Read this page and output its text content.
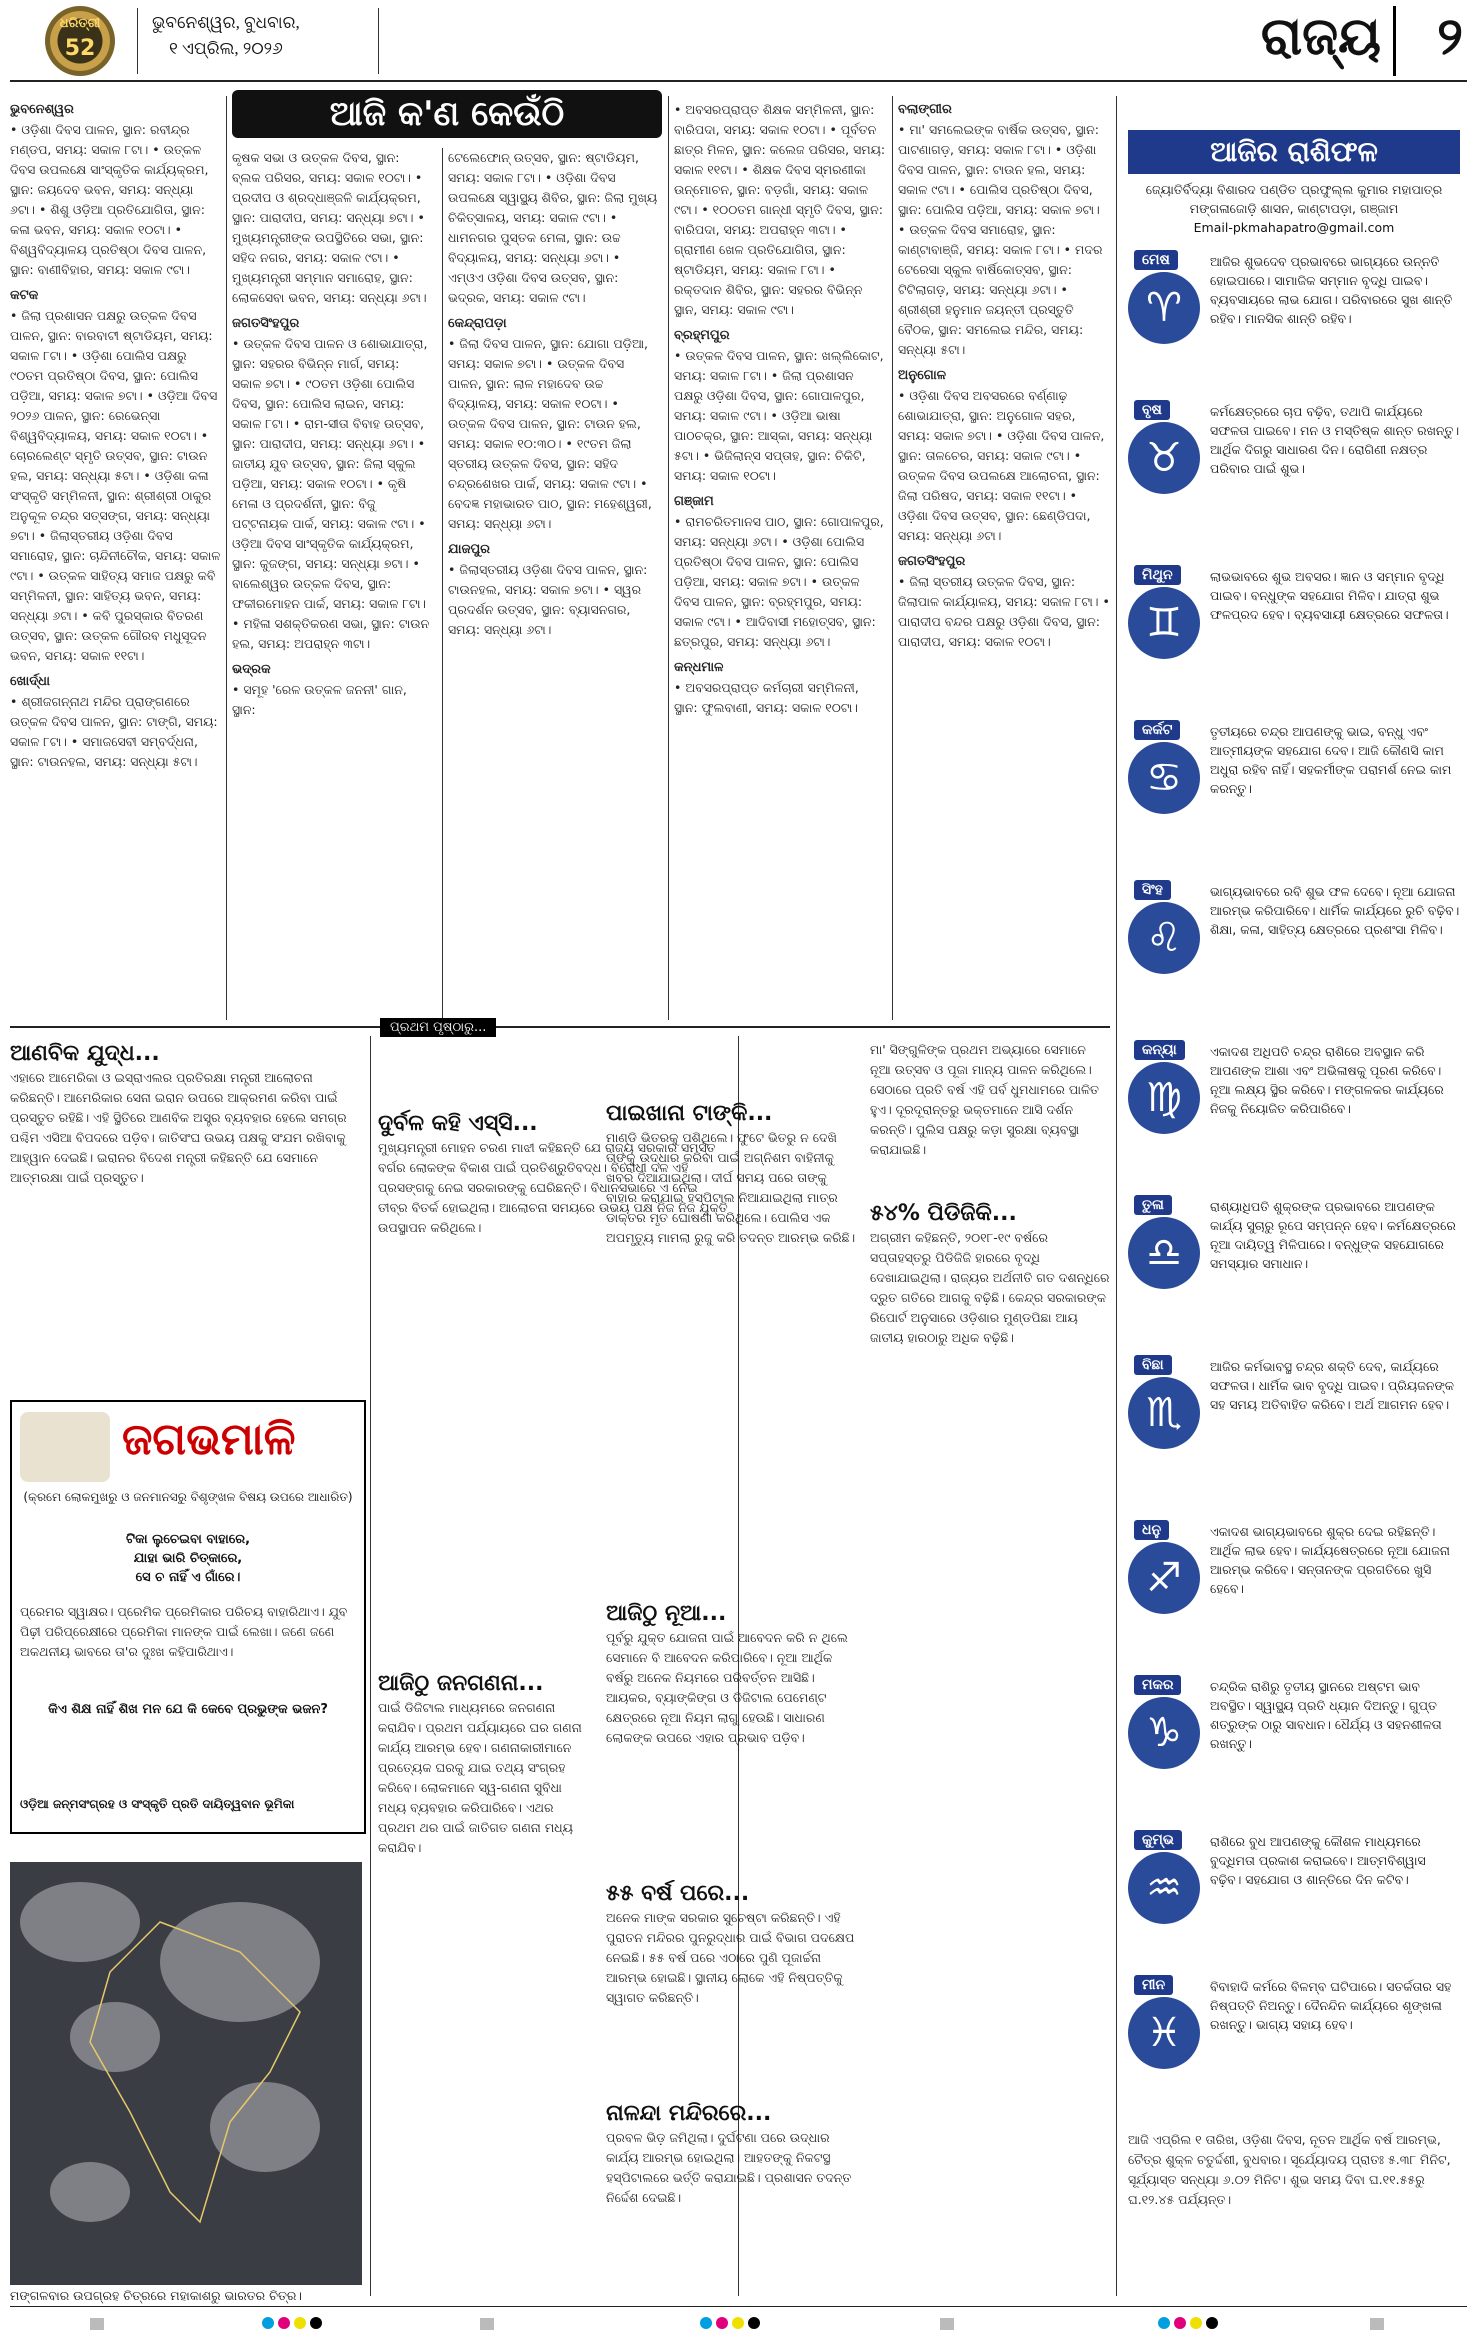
ଧରିତ୍ରୀ
52
ଭୁବନେଶ୍ୱର, ବୁଧବାର,
୧ ଏପ୍ରିଲ, ୨୦୨୬	ରାଜ୍ୟ ୨
ଆଜି କ'ଣ କେଉଁଠି
ଭୁବନେଶ୍ୱର

• ଓଡ଼ିଶା ଦିବସ ପାଳନ, ସ୍ଥାନ: ରବୀନ୍ଦ୍ର ମଣ୍ଡପ, ସମୟ: ସକାଳ ୮ଟା। • ଉତ୍କଳ ଦିବସ ଉପଲକ୍ଷେ ସାଂସ୍କୃତିକ କାର୍ଯ୍ୟକ୍ରମ, ସ୍ଥାନ: ଜୟଦେବ ଭବନ, ସମୟ: ସନ୍ଧ୍ୟା ୬ଟା। • ଶିଶୁ ଓଡ଼ିଆ ପ୍ରତିଯୋଗିତା, ସ୍ଥାନ: କଳା ଭବନ, ସମୟ: ସକାଳ ୧୦ଟା। • ବିଶ୍ୱବିଦ୍ୟାଳୟ ପ୍ରତିଷ୍ଠା ଦିବସ ପାଳନ, ସ୍ଥାନ: ବାଣୀବିହାର, ସମୟ: ସକାଳ ୯ଟା।

କଟକ

• ଜିଲା ପ୍ରଶାସନ ପକ୍ଷରୁ ଉତ୍କଳ ଦିବସ ପାଳନ, ସ୍ଥାନ: ବାରବାଟୀ ଷ୍ଟାଡିୟମ, ସମୟ: ସକାଳ ୮ଟା। • ଓଡ଼ିଶା ପୋଲିସ ପକ୍ଷରୁ ୯୦ତମ ପ୍ରତିଷ୍ଠା ଦିବସ, ସ୍ଥାନ: ପୋଲିସ ପଡ଼ିଆ, ସମୟ: ସକାଳ ୭ଟା। • ଓଡ଼ିଆ ଦିବସ ୨୦୨୬ ପାଳନ, ସ୍ଥାନ: ରେଭେନ୍ସା ବିଶ୍ୱବିଦ୍ୟାଳୟ, ସମୟ: ସକାଳ ୧୦ଟା। • ଚୋରଲେଣ୍ଟ ସ୍ମୃତି ଉତ୍ସବ, ସ୍ଥାନ: ଟାଉନ ହଲ, ସମୟ: ସନ୍ଧ୍ୟା ୫ଟା। • ଓଡ଼ିଶା କଳା ସଂସ୍କୃତି ସମ୍ମିଳନୀ, ସ୍ଥାନ: ଶ୍ରୀଶ୍ରୀ ଠାକୁର ଅନୁକୂଳ ଚନ୍ଦ୍ର ସତ୍ସଙ୍ଗ, ସମୟ: ସନ୍ଧ୍ୟା ୭ଟା। • ଜିଲାସ୍ତରୀୟ ଓଡ଼ିଶା ଦିବସ ସମାରୋହ, ସ୍ଥାନ: ଚାନ୍ଦିନୀଚୌକ, ସମୟ: ସକାଳ ୯ଟା। • ଉତ୍କଳ ସାହିତ୍ୟ ସମାଜ ପକ୍ଷରୁ କବି ସମ୍ମିଳନୀ, ସ୍ଥାନ: ସାହିତ୍ୟ ଭବନ, ସମୟ: ସନ୍ଧ୍ୟା ୬ଟା। • କବି ପୁରସ୍କାର ବିତରଣ ଉତ୍ସବ, ସ୍ଥାନ: ଉତ୍କଳ ଗୌରବ ମଧୁସୂଦନ ଭବନ, ସମୟ: ସକାଳ ୧୧ଟା।

ଖୋର୍ଦ୍ଧା

• ଶ୍ରୀଜଗନ୍ନାଥ ମନ୍ଦିର ପ୍ରାଙ୍ଗଣରେ ଉତ୍କଳ ଦିବସ ପାଳନ, ସ୍ଥାନ: ଟାଙ୍ଗି, ସମୟ: ସକାଳ ୮ଟା। • ସମାଜସେବୀ ସମ୍ବର୍ଦ୍ଧନା, ସ୍ଥାନ: ଟାଉନହଲ, ସମୟ: ସନ୍ଧ୍ୟା ୫ଟା।

କୃଷକ ସଭା ଓ ଉତ୍କଳ ଦିବସ, ସ୍ଥାନ: ବ୍ଲକ ପରିସର, ସମୟ: ସକାଳ ୧୦ଟା। • ପ୍ରଦୀପ ଓ ଶ୍ରଦ୍ଧାଞ୍ଜଳି କାର୍ଯ୍ୟକ୍ରମ, ସ୍ଥାନ: ପାରାଦୀପ, ସମୟ: ସନ୍ଧ୍ୟା ୭ଟା। • ମୁଖ୍ୟମନ୍ତ୍ରୀଙ୍କ ଉପସ୍ଥିତିରେ ସଭା, ସ୍ଥାନ: ସହିଦ ନଗର, ସମୟ: ସକାଳ ୯ଟା। • ମୁଖ୍ୟମନ୍ତ୍ରୀ ସମ୍ମାନ ସମାରୋହ, ସ୍ଥାନ: ଲୋକସେବା ଭବନ, ସମୟ: ସନ୍ଧ୍ୟା ୬ଟା।

ଜଗତସିଂହପୁର

• ଉତ୍କଳ ଦିବସ ପାଳନ ଓ ଶୋଭାଯାତ୍ରା, ସ୍ଥାନ: ସହରର ବିଭିନ୍ନ ମାର୍ଗ, ସମୟ: ସକାଳ ୭ଟା। • ୯୦ତମ ଓଡ଼ିଶା ପୋଲିସ ଦିବସ, ସ୍ଥାନ: ପୋଲିସ ଲାଇନ, ସମୟ: ସକାଳ ୮ଟା। • ରାମ-ସୀତା ବିବାହ ଉତ୍ସବ, ସ୍ଥାନ: ପାରାଦୀପ, ସମୟ: ସନ୍ଧ୍ୟା ୬ଟା। • ଜାତୀୟ ଯୁବ ଉତ୍ସବ, ସ୍ଥାନ: ଜିଲା ସ୍କୁଲ ପଡ଼ିଆ, ସମୟ: ସକାଳ ୧୦ଟା। • କୃଷି ମେଳା ଓ ପ୍ରଦର୍ଶନୀ, ସ୍ଥାନ: ବିଜୁ ପଟ୍ଟନାୟକ ପାର୍କ, ସମୟ: ସକାଳ ୯ଟା। • ଓଡ଼ିଆ ଦିବସ ସାଂସ୍କୃତିକ କାର୍ଯ୍ୟକ୍ରମ, ସ୍ଥାନ: କୁଜଙ୍ଗ, ସମୟ: ସନ୍ଧ୍ୟା ୭ଟା। • ବାଲେଶ୍ୱର ଉତ୍କଳ ଦିବସ, ସ୍ଥାନ: ଫକୀରମୋହନ ପାର୍କ, ସମୟ: ସକାଳ ୮ଟା। • ମହିଳା ସଶକ୍ତିକରଣ ସଭା, ସ୍ଥାନ: ଟାଉନ ହଲ, ସମୟ: ଅପରାହ୍ନ ୩ଟା।

ଭଦ୍ରକ

• ସମୂହ 'ରେଳ ଉତ୍କଳ ଜନନୀ' ଗାନ, ସ୍ଥାନ:

ଟେଲେଫୋନ୍ ଉତ୍ସବ, ସ୍ଥାନ: ଷ୍ଟାଡିୟମ, ସମୟ: ସକାଳ ୮ଟା। • ଓଡ଼ିଶା ଦିବସ ଉପଲକ୍ଷେ ସ୍ୱାସ୍ଥ୍ୟ ଶିବିର, ସ୍ଥାନ: ଜିଲା ମୁଖ୍ୟ ଚିକିତ୍ସାଳୟ, ସମୟ: ସକାଳ ୯ଟା। • ଧାମନଗର ପୁସ୍ତକ ମେଳା, ସ୍ଥାନ: ଉଚ୍ଚ ବିଦ୍ୟାଳୟ, ସମୟ: ସନ୍ଧ୍ୟା ୬ଟା। • ଏମ୍‌ଓଏ ଓଡ଼ିଶା ଦିବସ ଉତ୍ସବ, ସ୍ଥାନ: ଭଦ୍ରକ, ସମୟ: ସକାଳ ୯ଟା।

କେନ୍ଦ୍ରାପଡ଼ା

• ଜିଲା ଦିବସ ପାଳନ, ସ୍ଥାନ: ଯୋଗା ପଡ଼ିଆ, ସମୟ: ସକାଳ ୭ଟା। • ଉତ୍କଳ ଦିବସ ପାଳନ, ସ୍ଥାନ: ଲାଳ ମହାଦେବ ଉଚ୍ଚ ବିଦ୍ୟାଳୟ, ସମୟ: ସକାଳ ୧୦ଟା। • ଉତ୍କଳ ଦିବସ ପାଳନ, ସ୍ଥାନ: ଟାଉନ ହଲ, ସମୟ: ସକାଳ ୧୦:୩୦। • ୧୯ତମ ଜିଲା ସ୍ତରୀୟ ଉତ୍କଳ ଦିବସ, ସ୍ଥାନ: ସହିଦ ଚନ୍ଦ୍ରଶେଖର ପାର୍କ, ସମୟ: ସକାଳ ୯ଟା। • ବେଦଜ୍ଞ ମହାଭାରତ ପାଠ, ସ୍ଥାନ: ମହେଶ୍ୱରୀ, ସମୟ: ସନ୍ଧ୍ୟା ୬ଟା।

ଯାଜପୁର

• ଜିଲାସ୍ତରୀୟ ଓଡ଼ିଶା ଦିବସ ପାଳନ, ସ୍ଥାନ: ଟାଉନହଲ, ସମୟ: ସକାଳ ୭ଟା। • ସ୍ୱର ପ୍ରଦର୍ଶନ ଉତ୍ସବ, ସ୍ଥାନ: ବ୍ୟାସନଗର, ସମୟ: ସନ୍ଧ୍ୟା ୬ଟା।

• ଅବସରପ୍ରାପ୍ତ ଶିକ୍ଷକ ସମ୍ମିଳନୀ, ସ୍ଥାନ: ବାରିପଦା, ସମୟ: ସକାଳ ୧୦ଟା। • ପୂର୍ବତନ ଛାତ୍ର ମିଳନ, ସ୍ଥାନ: କଲେଜ ପରିସର, ସମୟ: ସକାଳ ୧୧ଟା। • ଶିକ୍ଷକ ଦିବସ ସ୍ମରଣୀକା ଉନ୍ମୋଚନ, ସ୍ଥାନ: ବଡ଼ଗାଁ, ସମୟ: ସକାଳ ୯ଟା। • ୧୦୦ତମ ଗାନ୍ଧୀ ସ୍ମୃତି ଦିବସ, ସ୍ଥାନ: ବାରିପଦା, ସମୟ: ଅପରାହ୍ନ ୩ଟା। • ଗ୍ରାମୀଣ ଖେଳ ପ୍ରତିଯୋଗିତା, ସ୍ଥାନ: ଷ୍ଟାଡିୟମ, ସମୟ: ସକାଳ ୮ଟା। • ରକ୍ତଦାନ ଶିବିର, ସ୍ଥାନ: ସହରର ବିଭିନ୍ନ ସ୍ଥାନ, ସମୟ: ସକାଳ ୯ଟା।

ବ୍ରହ୍ମପୁର

• ଉତ୍କଳ ଦିବସ ପାଳନ, ସ୍ଥାନ: ଖଲ୍ଲିକୋଟ, ସମୟ: ସକାଳ ୮ଟା। • ଜିଲା ପ୍ରଶାସନ ପକ୍ଷରୁ ଓଡ଼ିଶା ଦିବସ, ସ୍ଥାନ: ଗୋପାଳପୁର, ସମୟ: ସକାଳ ୯ଟା। • ଓଡ଼ିଆ ଭାଷା ପାଠଚକ୍ର, ସ୍ଥାନ: ଆସ୍କା, ସମୟ: ସନ୍ଧ୍ୟା ୫ଟା। • ଭିଜିଲାନ୍ସ ସପ୍ତାହ, ସ୍ଥାନ: ଚିକିଟି, ସମୟ: ସକାଳ ୧୦ଟା।

ଗଞ୍ଜାମ

• ରାମଚରିତମାନସ ପାଠ, ସ୍ଥାନ: ଗୋପାଳପୁର, ସମୟ: ସନ୍ଧ୍ୟା ୬ଟା। • ଓଡ଼ିଶା ପୋଲିସ ପ୍ରତିଷ୍ଠା ଦିବସ ପାଳନ, ସ୍ଥାନ: ପୋଲିସ ପଡ଼ିଆ, ସମୟ: ସକାଳ ୭ଟା। • ଉତ୍କଳ ଦିବସ ପାଳନ, ସ୍ଥାନ: ବ୍ରହ୍ମପୁର, ସମୟ: ସକାଳ ୯ଟା। • ଆଦିବାସୀ ମହୋତ୍ସବ, ସ୍ଥାନ: ଛତ୍ରପୁର, ସମୟ: ସନ୍ଧ୍ୟା ୬ଟା।

କନ୍ଧମାଳ

• ଅବସରପ୍ରାପ୍ତ କର୍ମଚାରୀ ସମ୍ମିଳନୀ, ସ୍ଥାନ: ଫୁଲବାଣୀ, ସମୟ: ସକାଳ ୧୦ଟା।

ବଲାଙ୍ଗୀର

• ମା' ସମଲେଇଙ୍କ ବାର୍ଷିକ ଉତ୍ସବ, ସ୍ଥାନ: ପାଟଣାଗଡ଼, ସମୟ: ସକାଳ ୮ଟା। • ଓଡ଼ିଶା ଦିବସ ପାଳନ, ସ୍ଥାନ: ଟାଉନ ହଲ, ସମୟ: ସକାଳ ୯ଟା। • ପୋଲିସ ପ୍ରତିଷ୍ଠା ଦିବସ, ସ୍ଥାନ: ପୋଲିସ ପଡ଼ିଆ, ସମୟ: ସକାଳ ୭ଟା। • ଉତ୍କଳ ଦିବସ ସମାରୋହ, ସ୍ଥାନ: କାଣ୍ଟାବାଞ୍ଜି, ସମୟ: ସକାଳ ୮ଟା। • ମଦର ଟେରେସା ସ୍କୁଲ ବାର୍ଷିକୋତ୍ସବ, ସ୍ଥାନ: ଟିଟିଲାଗଡ଼, ସମୟ: ସନ୍ଧ୍ୟା ୬ଟା। • ଶ୍ରୀଶ୍ରୀ ହନୁମାନ ଜୟନ୍ତୀ ପ୍ରସ୍ତୁତି ବୈଠକ, ସ୍ଥାନ: ସମଲେଇ ମନ୍ଦିର, ସମୟ: ସନ୍ଧ୍ୟା ୫ଟା।

ଅନୁଗୋଳ

• ଓଡ଼ିଶା ଦିବସ ଅବସରରେ ବର୍ଣ୍ଣାଢ଼ ଶୋଭାଯାତ୍ରା, ସ୍ଥାନ: ଅନୁଗୋଳ ସହର, ସମୟ: ସକାଳ ୭ଟା। • ଓଡ଼ିଶା ଦିବସ ପାଳନ, ସ୍ଥାନ: ତାଳଚେର, ସମୟ: ସକାଳ ୯ଟା। • ଉତ୍କଳ ଦିବସ ଉପଲକ୍ଷେ ଆଲୋଚନା, ସ୍ଥାନ: ଜିଲା ପରିଷଦ, ସମୟ: ସକାଳ ୧୧ଟା। • ଓଡ଼ିଶା ଦିବସ ଉତ୍ସବ, ସ୍ଥାନ: ଛେଣ୍ଡିପଦା, ସମୟ: ସନ୍ଧ୍ୟା ୬ଟା।

ଜଗତସିଂହପୁର

• ଜିଲା ସ୍ତରୀୟ ଉତ୍କଳ ଦିବସ, ସ୍ଥାନ: ଜିଲାପାଳ କାର୍ଯ୍ୟାଳୟ, ସମୟ: ସକାଳ ୮ଟା। • ପାରାଦୀପ ବନ୍ଦର ପକ୍ଷରୁ ଓଡ଼ିଶା ଦିବସ, ସ୍ଥାନ: ପାରାଦୀପ, ସମୟ: ସକାଳ ୧୦ଟା।

ପ୍ରଥମ ପୃଷ୍ଠାରୁ...
ଆଣବିକ ଯୁଦ୍ଧ...
ଏହାରେ ଆମେରିକା ଓ ଇସ୍ରାଏଲର ପ୍ରତିରକ୍ଷା ମନ୍ତ୍ରୀ ଆଲୋଚନା କରିଛନ୍ତି। ଆମେରିକାର ସେନା ଇରାନ ଉପରେ ଆକ୍ରମଣ କରିବା ପାଇଁ ପ୍ରସ୍ତୁତ ରହିଛି। ଏହି ସ୍ଥିତିରେ ଆଣବିକ ଅସ୍ତ୍ର ବ୍ୟବହାର ହେଲେ ସମଗ୍ର ପଶ୍ଚିମ ଏସିଆ ବିପଦରେ ପଡ଼ିବ। ଜାତିସଂଘ ଉଭୟ ପକ୍ଷକୁ ସଂଯମ ରଖିବାକୁ ଆହ୍ୱାନ ଦେଇଛି। ଇରାନର ବିଦେଶ ମନ୍ତ୍ରୀ କହିଛନ୍ତି ଯେ ସେମାନେ ଆତ୍ମରକ୍ଷା ପାଇଁ ପ୍ରସ୍ତୁତ।
ଦୁର୍ବଳ କହି ଏସ୍‌ସି...
ମୁଖ୍ୟମନ୍ତ୍ରୀ ମୋହନ ଚରଣ ମାଝୀ କହିଛନ୍ତି ଯେ ରାଜ୍ୟ ସରକାର ସମସ୍ତ ବର୍ଗର ଲୋକଙ୍କ ବିକାଶ ପାଇଁ ପ୍ରତିଶ୍ରୁତିବଦ୍ଧ। ବିରୋଧୀ ଦଳ ଏହି ପ୍ରସଙ୍ଗକୁ ନେଇ ସରକାରଙ୍କୁ ଘେରିଛନ୍ତି। ବିଧାନସଭାରେ ଏ ନେଇ ତୀବ୍ର ବିତର୍କ ହୋଇଥିଲା। ଆଲୋଚନା ସମୟରେ ଉଭୟ ପକ୍ଷ ନିଜ ନିଜ ଯୁକ୍ତି ଉପସ୍ଥାପନ କରିଥିଲେ।
ଆଜିଠୁ ଜନଗଣନା...
ପାଇଁ ଡିଜିଟାଲ ମାଧ୍ୟମରେ ଜନଗଣନା କରାଯିବ। ପ୍ରଥମ ପର୍ଯ୍ୟାୟରେ ଘର ଗଣନା କାର୍ଯ୍ୟ ଆରମ୍ଭ ହେବ। ଗଣନାକାରୀମାନେ ପ୍ରତ୍ୟେକ ଘରକୁ ଯାଇ ତଥ୍ୟ ସଂଗ୍ରହ କରିବେ। ଲୋକମାନେ ସ୍ୱ-ଗଣନା ସୁବିଧା ମଧ୍ୟ ବ୍ୟବହାର କରିପାରିବେ। ଏଥର ପ୍ରଥମ ଥର ପାଇଁ ଜାତିଗତ ଗଣନା ମଧ୍ୟ କରାଯିବ।
ପାଇଖାନା ଟାଙ୍କି...
ମାଣ୍ଡି ଭିତରକୁ ପଶିଥିଲେ। ଫୁଟେ ଭିତରୁ ନ ଦେଖି ତାଙ୍କୁ ଉଦ୍ଧାର କରିବା ପାଇଁ ଅଗ୍ନିଶମ ବାହିନୀକୁ ଖବର ଦିଆଯାଇଥିଲା। ଦୀର୍ଘ ସମୟ ପରେ ତାଙ୍କୁ ବାହାର କରାଯାଇ ହସ୍ପିଟାଲ ନିଆଯାଇଥିଲା ମାତ୍ର ଡାକ୍ତର ମୃତ ଘୋଷଣା କରିଥିଲେ। ପୋଲିସ ଏକ ଅପମୃତ୍ୟୁ ମାମଲା ରୁଜୁ କରି ତଦନ୍ତ ଆରମ୍ଭ କରିଛି।
ଆଜିଠୁ ନୂଆ...
ପୂର୍ବରୁ ଯୁକ୍ତ ଯୋଜନା ପାଇଁ ଆବେଦନ କରି ନ ଥିଲେ ସେମାନେ ବି ଆବେଦନ କରିପାରିବେ। ନୂଆ ଆର୍ଥିକ ବର୍ଷରୁ ଅନେକ ନିୟମରେ ପରିବର୍ତ୍ତନ ଆସିଛି। ଆୟକର, ବ୍ୟାଙ୍କିଙ୍ଗ ଓ ଡିଜିଟାଲ ପେମେଣ୍ଟ କ୍ଷେତ୍ରରେ ନୂଆ ନିୟମ ଲାଗୁ ହେଉଛି। ସାଧାରଣ ଲୋକଙ୍କ ଉପରେ ଏହାର ପ୍ରଭାବ ପଡ଼ିବ।
୫୫ ବର୍ଷ ପରେ...
ଅନେକ ମାଙ୍କ ସରକାର ସୁଚେଷ୍ଟା କରିଛନ୍ତି। ଏହି ପୁରାତନ ମନ୍ଦିରର ପୁନରୁଦ୍ଧାର ପାଇଁ ବିଭାଗ ପଦକ୍ଷେପ ନେଇଛି। ୫୫ ବର୍ଷ ପରେ ଏଠାରେ ପୁଣି ପୂଜାର୍ଚ୍ଚନା ଆରମ୍ଭ ହୋଇଛି। ସ୍ଥାନୀୟ ଲୋକେ ଏହି ନିଷ୍ପତ୍ତିକୁ ସ୍ୱାଗତ କରିଛନ୍ତି।
ନାଳନ୍ଦା ମନ୍ଦିରରେ...
ପ୍ରବଳ ଭିଡ଼ ଜମିଥିଲା। ଦୁର୍ଘଟଣା ପରେ ଉଦ୍ଧାର କାର୍ଯ୍ୟ ଆରମ୍ଭ ହୋଇଥିଲା। ଆହତଙ୍କୁ ନିକଟସ୍ଥ ହସ୍ପିଟାଲରେ ଭର୍ତ୍ତି କରାଯାଇଛି। ପ୍ରଶାସନ ତଦନ୍ତ ନିର୍ଦ୍ଦେଶ ଦେଇଛି।
ମା' ସିଙ୍ଗୁଳିଙ୍କ ପ୍ରଥମ ଅଭ୍ୟାରେ ସେମାନେ ନୂଆ ଉତ୍ସବ ଓ ପୂଜା ମାନ୍ୟ ପାଳନ କରିଥିଲେ। ସେଠାରେ ପ୍ରତି ବର୍ଷ ଏହି ପର୍ବ ଧୁମଧାମରେ ପାଳିତ ହୁଏ। ଦୂରଦୂରାନ୍ତରୁ ଭକ୍ତମାନେ ଆସି ଦର୍ଶନ କରନ୍ତି। ପୁଲିସ ପକ୍ଷରୁ କଡ଼ା ସୁରକ୍ଷା ବ୍ୟବସ୍ଥା କରାଯାଇଛି।
୫୪% ପିଡିଜିକି...
ଅଗ୍ରୀମ କହିଛନ୍ତି, ୨୦୧୮-୧୯ ବର୍ଷରେ ସପ୍ତାହସ୍ତରୁ ପିଡିଜିଜି ହାରରେ ବୃଦ୍ଧି ଦେଖାଯାଇଥିଲା। ରାଜ୍ୟର ଅର୍ଥନୀତି ଗତ ଦଶନ୍ଧିରେ ଦ୍ରୁତ ଗତିରେ ଆଗକୁ ବଢ଼ିଛି। କେନ୍ଦ୍ର ସରକାରଙ୍କ ରିପୋର୍ଟ ଅନୁସାରେ ଓଡ଼ିଶାର ମୁଣ୍ଡପିଛା ଆୟ ଜାତୀୟ ହାରଠାରୁ ଅଧିକ ବଢ଼ିଛି।
ଜଗଭମାଳି
(କ୍ରମେ ଲୋକମୁଖରୁ ଓ ଜନମାନସରୁ ବିଶୃଙ୍ଖଳ ବିଷୟ ଉପରେ ଆଧାରିତ)
ଟିକା ଲୁଚେଇବା ବାହାରେ,
ଯାହା ଭାରି ଚିତ୍କାରେ,
ସେ ଚ ନାହିଁ ଏ ଗାଁରେ।
ପ୍ରେମର ସ୍ୱାକ୍ଷର। ପ୍ରେମିକ ପ୍ରେମିକାର ପରିଚୟ ବାହାରିଥାଏ। ଯୁବ ପିଢ଼ୀ ପରିପ୍ରେକ୍ଷୀରେ ପ୍ରେମିକା ମାନଙ୍କ ପାଇଁ ଲେଖା। ଜଣେ ଜଣେ ଅକଥନୀୟ ଭାବରେ ତା'ର ଦୁଃଖ କହିପାରିଥାଏ।
କିଏ ଶିକ୍ଷ ନାହିଁ ଶିଖ ମନ ଯେ କି କେବେ ପ୍ରଭୁଙ୍କ ଭଜନ?
ଓଡ଼ିଆ ଜନ୍ମସଂଗ୍ରହ ଓ ସଂସ୍କୃତି ପ୍ରତି ଦାୟିତ୍ୱବାନ ଭୂମିକା
ମଙ୍ଗଳବାର ଉପଗ୍ରହ ଚିତ୍ରରେ ମହାକାଶରୁ ଭାରତର ଚିତ୍ର।
ଆଜିର ରାଶିଫଳ
ଜ୍ୟୋତିର୍ବିଦ୍ୟା ବିଶାରଦ ପଣ୍ଡିତ ପ୍ରଫୁଲ୍ଲ କୁମାର ମହାପାତ୍ର
ମଙ୍ଗଳାଜୋଡ଼ି ଶାସନ, କାଣ୍ଟାପଡ଼ା, ଗଞ୍ଜାମ
Email-pkmahapatro@gmail.com
♈
ମେଷ	ଆଜିର ଶୁଭଦେବ ପ୍ରଭାବରେ ଭାଗ୍ୟରେ ଉନ୍ନତି ହୋଇପାରେ। ସାମାଜିକ ସମ୍ମାନ ବୃଦ୍ଧି ପାଇବ। ବ୍ୟବସାୟରେ ଲାଭ ଯୋଗ। ପରିବାରରେ ସୁଖ ଶାନ୍ତି ରହିବ। ମାନସିକ ଶାନ୍ତି ରହିବ।
♉
ବୃଷ	କର୍ମକ୍ଷେତ୍ରରେ ଚାପ ବଢ଼ିବ, ତଥାପି କାର୍ଯ୍ୟରେ ସଫଳତା ପାଇବେ। ମନ ଓ ମସ୍ତିଷ୍କ ଶାନ୍ତ ରଖନ୍ତୁ। ଆର୍ଥିକ ଦିଗରୁ ସାଧାରଣ ଦିନ। ରୋଗିଣୀ ନକ୍ଷତ୍ର ପରିବାର ପାଇଁ ଶୁଭ।
♊
ମିଥୁନ	ଲାଭଭାବରେ ଶୁଭ ଅବସର। ଜ୍ଞାନ ଓ ସମ୍ମାନ ବୃଦ୍ଧି ପାଇବ। ବନ୍ଧୁଙ୍କ ସହଯୋଗ ମିଳିବ। ଯାତ୍ରା ଶୁଭ ଫଳପ୍ରଦ ହେବ। ବ୍ୟବସାୟୀ କ୍ଷେତ୍ରରେ ସଫଳତା।
♋
କର୍କଟ	ତୃତୀୟରେ ଚନ୍ଦ୍ର ଆପଣଙ୍କୁ ଭାଇ, ବନ୍ଧୁ ଏବଂ ଆତ୍ମୀୟଙ୍କ ସହଯୋଗ ଦେବ। ଆଜି କୌଣସି କାମ ଅଧୁରା ରହିବ ନାହିଁ। ସହକର୍ମୀଙ୍କ ପରାମର୍ଶ ନେଇ କାମ କରନ୍ତୁ।
♌
ସିଂହ	ଭାଗ୍ୟଭାବରେ ରବି ଶୁଭ ଫଳ ଦେବେ। ନୂଆ ଯୋଜନା ଆରମ୍ଭ କରିପାରିବେ। ଧାର୍ମିକ କାର୍ଯ୍ୟରେ ରୁଚି ବଢ଼ିବ। ଶିକ୍ଷା, କଳା, ସାହିତ୍ୟ କ୍ଷେତ୍ରରେ ପ୍ରଶଂସା ମିଳିବ।
♍
କନ୍ୟା	ଏକାଦଶ ଅଧିପତି ଚନ୍ଦ୍ର ରାଶିରେ ଅବସ୍ଥାନ କରି ଆପଣଙ୍କ ଆଶା ଏବଂ ଅଭିଳାଷକୁ ପୂରଣ କରିବେ। ନୂଆ ଲକ୍ଷ୍ୟ ସ୍ଥିର କରିବେ। ମଙ୍ଗଳକର କାର୍ଯ୍ୟରେ ନିଜକୁ ନିୟୋଜିତ କରିପାରିବେ।
♎
ତୁଳା	ରାଶ୍ୟାଧିପତି ଶୁକ୍ରଙ୍କ ପ୍ରଭାବରେ ଆପଣଙ୍କ କାର୍ଯ୍ୟ ସୁଚାରୁ ରୂପେ ସମ୍ପନ୍ନ ହେବ। କର୍ମକ୍ଷେତ୍ରରେ ନୂଆ ଦାୟିତ୍ୱ ମିଳିପାରେ। ବନ୍ଧୁଙ୍କ ସହଯୋଗରେ ସମସ୍ୟାର ସମାଧାନ।
♏
ବିଛା	ଆଜିର କର୍ମଭାବସ୍ଥ ଚନ୍ଦ୍ର ଶକ୍ତି ଦେବ, କାର୍ଯ୍ୟରେ ସଫଳତା। ଧାର୍ମିକ ଭାବ ବୃଦ୍ଧି ପାଇବ। ପ୍ରିୟଜନଙ୍କ ସହ ସମୟ ଅତିବାହିତ କରିବେ। ଅର୍ଥ ଆଗମନ ହେବ।
♐
ଧନୁ	ଏକାଦଶ ଭାଗ୍ୟଭାବରେ ଶୁକ୍ର ଦେଇ ରହିଛନ୍ତି। ଆର୍ଥିକ ଲାଭ ହେବ। କାର୍ଯ୍ୟଷେତ୍ରରେ ନୂଆ ଯୋଜନା ଆରମ୍ଭ କରିବେ। ସନ୍ତାନଙ୍କ ପ୍ରଗତିରେ ଖୁସି ହେବେ।
♑
ମକର	ଚନ୍ଦ୍ରିକ ରାଶିରୁ ତୃତୀୟ ସ୍ଥାନରେ ଅଷ୍ଟମ ଭାବ ଅବସ୍ଥିତ। ସ୍ୱାସ୍ଥ୍ୟ ପ୍ରତି ଧ୍ୟାନ ଦିଅନ୍ତୁ। ଗୁପ୍ତ ଶତ୍ରୁଙ୍କ ଠାରୁ ସାବଧାନ। ଧୈର୍ଯ୍ୟ ଓ ସହନଶୀଳତା ରଖନ୍ତୁ।
♒
କୁମ୍ଭ	ରାଶିରେ ବୁଧ ଆପଣଙ୍କୁ କୌଶଳ ମାଧ୍ୟମରେ ବୁଦ୍ଧିମତା ପ୍ରକାଶ କରାଇବେ। ଆତ୍ମବିଶ୍ୱାସ ବଢ଼ିବ। ସହଯୋଗ ଓ ଶାନ୍ତିରେ ଦିନ କଟିବ।
♓
ମୀନ	ବିବାହାଦି କର୍ମରେ ବିଳମ୍ବ ଘଟିପାରେ। ସତର୍କତାର ସହ ନିଷ୍ପତ୍ତି ନିଅନ୍ତୁ। ଦୈନନ୍ଦିନ କାର୍ଯ୍ୟରେ ଶୃଙ୍ଖଳା ରଖନ୍ତୁ। ଭାଗ୍ୟ ସହାୟ ହେବ।
ଆଜି ଏପ୍ରିଲ ୧ ତାରିଖ, ଓଡ଼ିଶା ଦିବସ, ନୂତନ ଆର୍ଥିକ ବର୍ଷ ଆରମ୍ଭ, ଚୈତ୍ର ଶୁକ୍ଳ ଚତୁର୍ଦ୍ଦଶୀ, ବୁଧବାର। ସୂର୍ଯ୍ୟୋଦୟ ପ୍ରାତଃ ୫.୩୮ ମିନିଟ, ସୂର୍ଯ୍ୟାସ୍ତ ସନ୍ଧ୍ୟା ୬.୦୨ ମିନିଟ। ଶୁଭ ସମୟ ଦିବା ଘ.୧୧.୫୫ରୁ ଘ.୧୨.୪୫ ପର୍ଯ୍ୟନ୍ତ।
